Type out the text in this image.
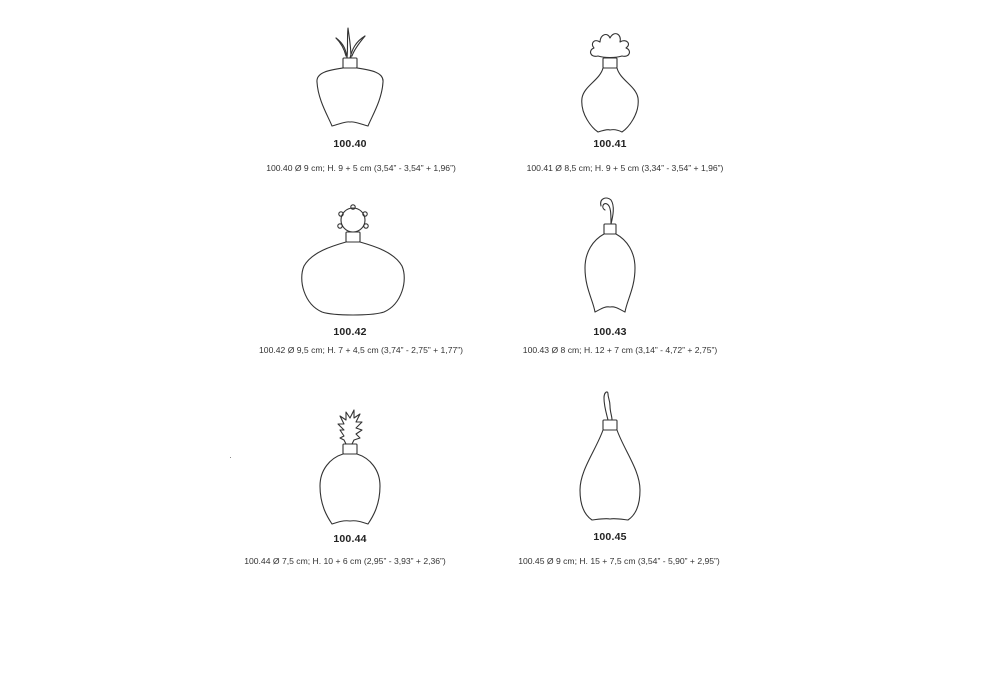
100.40
100.40 Ø 9 cm; H. 9 + 5 cm (3,54” - 3,54” + 1,96”)
100.41
100.41 Ø 8,5 cm; H. 9 + 5 cm (3,34” - 3,54” + 1,96”)
100.42
100.42 Ø 9,5 cm; H. 7 + 4,5 cm (3,74” - 2,75” + 1,77”)
100.43
100.43 Ø 8 cm; H. 12 + 7 cm (3,14” - 4,72” + 2,75”)
100.44
100.44 Ø 7,5 cm; H. 10 + 6 cm (2,95” - 3,93” + 2,36”)
100.45
100.45 Ø 9 cm; H. 15 + 7,5 cm (3,54” - 5,90” + 2,95”)
